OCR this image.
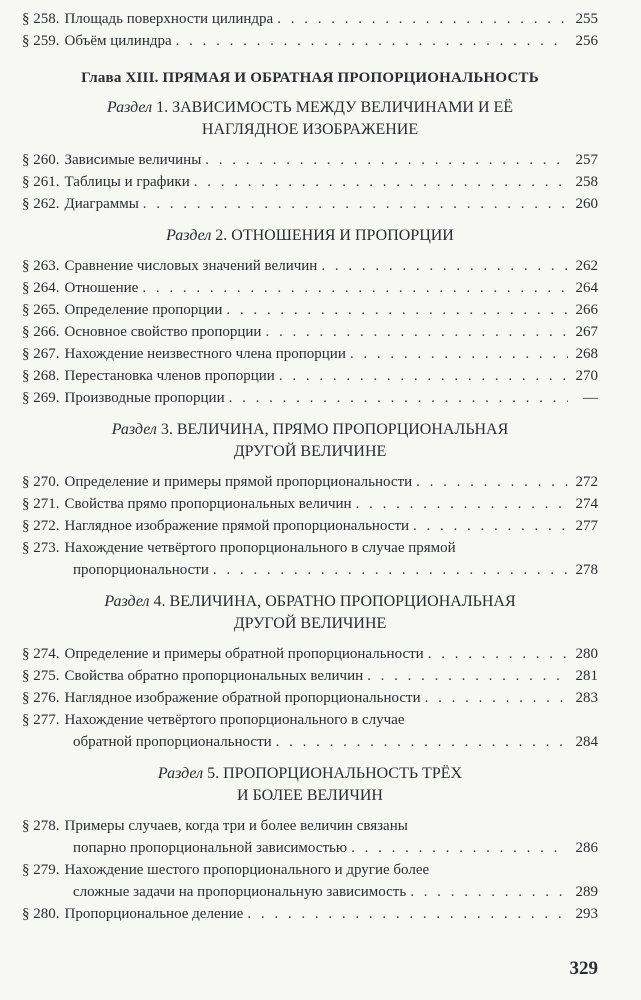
§ 258. Площадь поверхности цилиндра . . .	255
§ 259. Объём цилиндра . . .	256
Глава XIII. ПРЯМАЯ И ОБРАТНАЯ ПРОПОРЦИОНАЛЬНОСТЬ
Раздел 1. ЗАВИСИМОСТЬ МЕЖДУ ВЕЛИЧИНАМИ И ЕЁ
НАГЛЯДНОЕ ИЗОБРАЖЕНИЕ
§ 260. Зависимые величины . . .	257
§ 261. Таблицы и графики . . .	258
§ 262. Диаграммы . . .	260
Раздел 2. ОТНОШЕНИЯ И ПРОПОРЦИИ
§ 263. Сравнение числовых значений величин . . .	262
§ 264. Отношение . . .	264
§ 265. Определение пропорции . . .	266
§ 266. Основное свойство пропорции . . .	267
§ 267. Нахождение неизвестного члена пропорции . . .	268
§ 268. Перестановка членов пропорции . . .	270
§ 269. Производные пропорции . . .	—
Раздел 3. ВЕЛИЧИНА, ПРЯМО ПРОПОРЦИОНАЛЬНАЯ
ДРУГОЙ ВЕЛИЧИНЕ
§ 270. Определение и примеры прямой пропорциональности . . .	272
§ 271. Свойства прямо пропорциональных величин . . .	274
§ 272. Наглядное изображение прямой пропорциональности . . .	277
§ 273. Нахождение четвёртого пропорционального в случае прямой
пропорциональности . . .	278
Раздел 4. ВЕЛИЧИНА, ОБРАТНО ПРОПОРЦИОНАЛЬНАЯ
ДРУГОЙ ВЕЛИЧИНЕ
§ 274. Определение и примеры обратной пропорциональности . . .	280
§ 275. Свойства обратно пропорциональных величин . . .	281
§ 276. Наглядное изображение обратной пропорциональности . . .	283
§ 277. Нахождение четвёртого пропорционального в случае
обратной пропорциональности . . .	284
Раздел 5. ПРОПОРЦИОНАЛЬНОСТЬ ТРЁХ
И БОЛЕЕ ВЕЛИЧИН
§ 278. Примеры случаев, когда три и более величин связаны
попарно пропорциональной зависимостью . . .	286
§ 279. Нахождение шестого пропорционального и другие более
сложные задачи на пропорциональную зависимость . . .	289
§ 280. Пропорциональное деление . . .	293
329
